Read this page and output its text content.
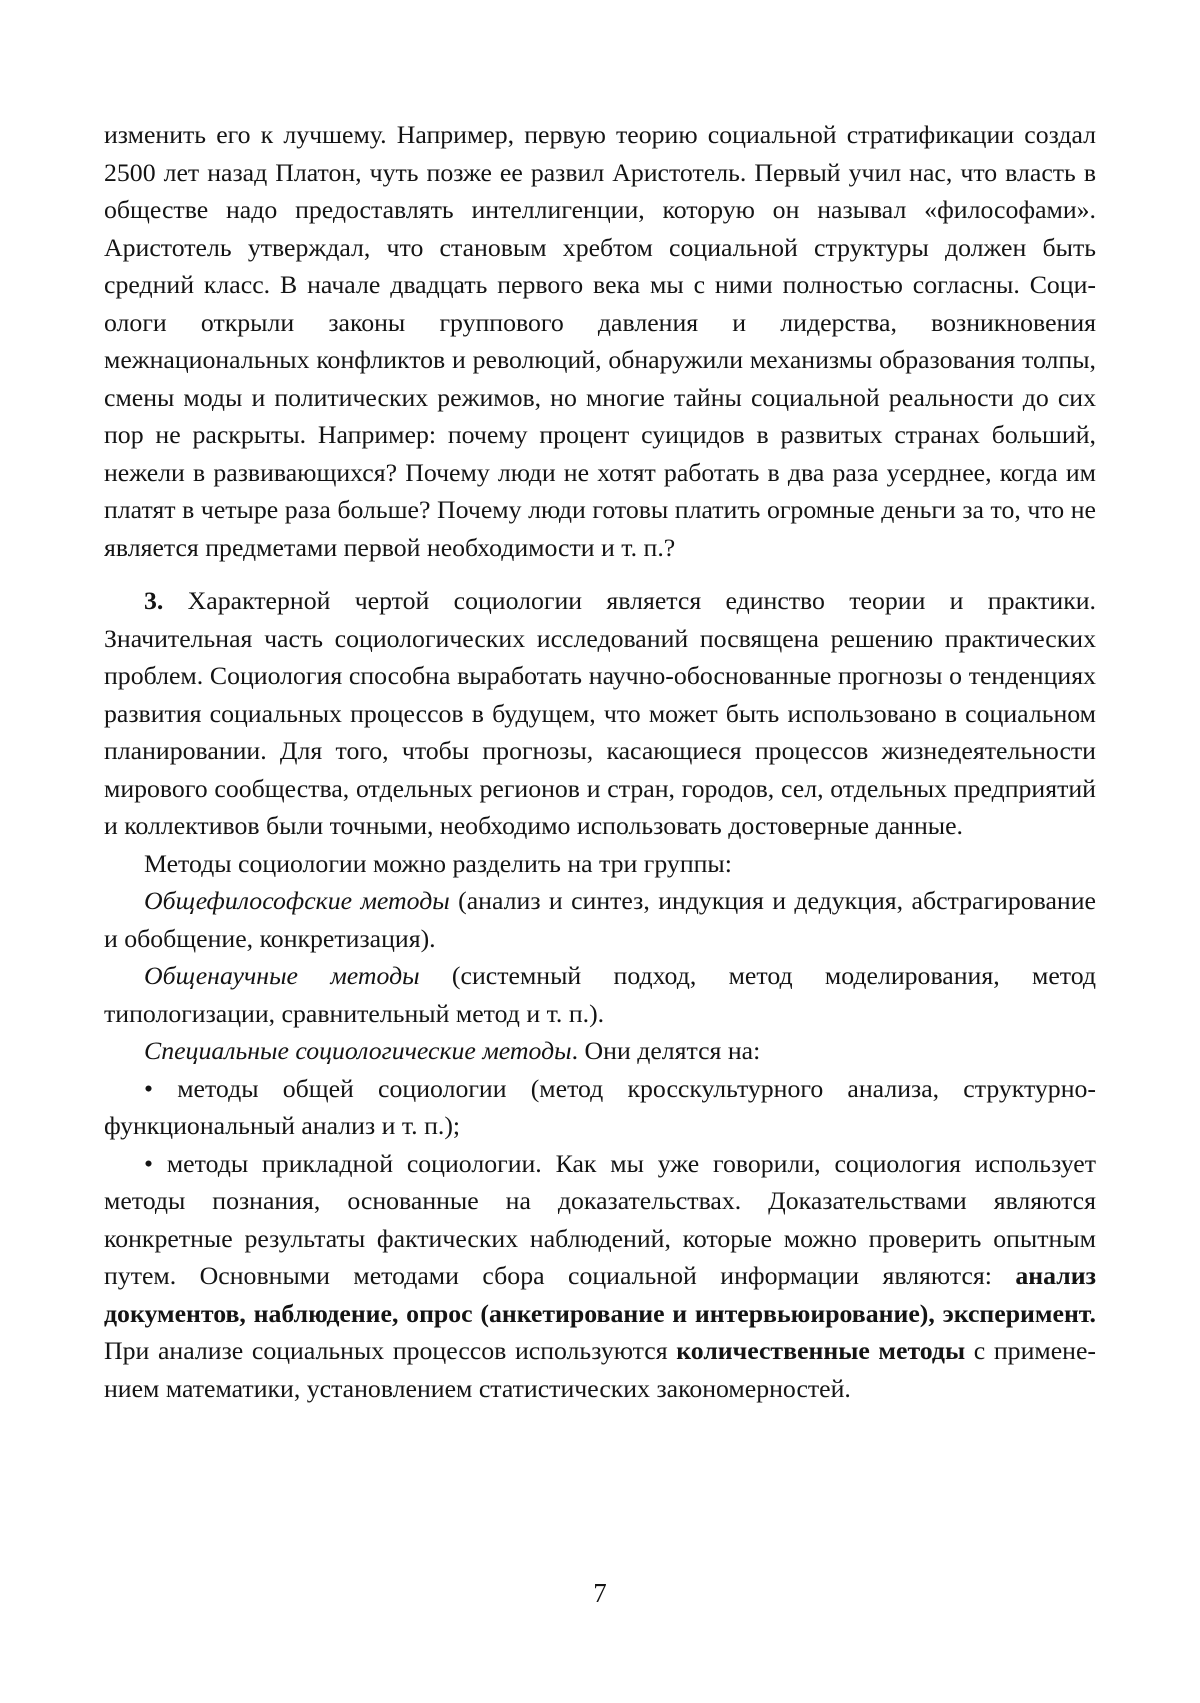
изменить его к лучшему. Например, первую теорию социальной стратификации создал 2500 лет назад Платон, чуть позже ее развил Аристотель. Первый учил нас, что власть в обществе надо предоставлять интеллигенции, которую он называл «философами». Аристотель утверждал, что становым хребтом социальной структуры должен быть средний класс. В начале двадцать первого века мы с ними полностью согласны. Социологи открыли законы группового давления и лидерства, возникновения межнациональных конфликтов и революций, обнаружили механизмы образования толпы, смены моды и политических режимов, но многие тайны социальной реальности до сих пор не раскрыты. Например: почему процент суицидов в развитых странах больший, нежели в развивающихся? Почему люди не хотят работать в два раза усерднее, когда им платят в четыре раза больше? Почему люди готовы платить огромные деньги за то, что не является предметами первой необходимости и т. п.?

3. Характерной чертой социологии является единство теории и практики. Значительная часть социологических исследований посвящена решению практических проблем. Социология способна выработать научно-обоснованные прогнозы о тенденциях развития социальных процессов в будущем, что может быть использовано в социальном планировании. Для того, чтобы прогнозы, касающиеся процессов жизнедеятельности мирового сообщества, отдельных регионов и стран, городов, сел, отдельных предприятий и коллективов были точными, необходимо использовать достоверные данные.

Методы социологии можно разделить на три группы:

Общефилософские методы (анализ и синтез, индукция и дедукция, абстрагирование и обобщение, конкретизация).

Общенаучные методы (системный подход, метод моделирования, метод типологизации, сравнительный метод и т. п.).

Специальные социологические методы. Они делятся на:

• методы общей социологии (метод кросскультурного анализа, структурно-функциональный анализ и т. п.);

• методы прикладной социологии. Как мы уже говорили, социология использует методы познания, основанные на доказательствах. Доказательствами являются конкретные результаты фактических наблюдений, которые можно проверить опытным путем. Основными методами сбора социальной информации являются: анализ документов, наблюдение, опрос (анкетирование и интервьюирование), эксперимент. При анализе социальных процессов используются количественные методы с применением математики, установлением статистических закономерностей.

7
